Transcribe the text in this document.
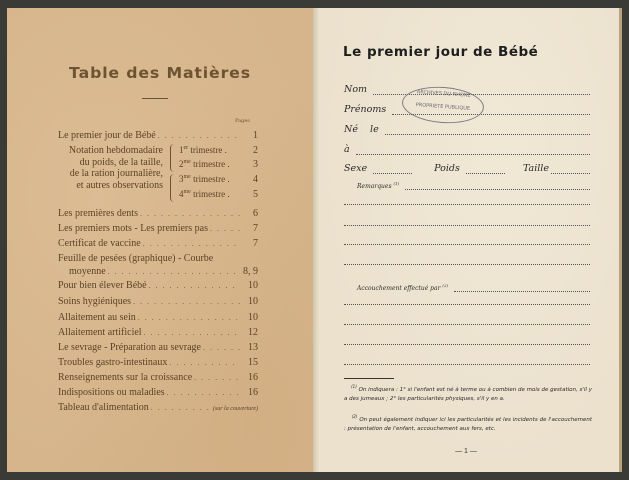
Table des Matières
Pages
Le premier jour de Bébé . . .	1
Notation hebdomadaire
du poids, de la taille,
de la ration journalière,
et autres observations
1er trimestre .	2
$2^{me}$ trimestre .	3
$3^{me}$ trimestre .	4
$4^{me}$ trimestre .	5
Les premières dents . . .	6
Les premiers mots - Les premiers pas . . .	7
Certificat de vaccine . . .	7
Feuille de pesées (graphique) - Courbe
moyenne . . .	8, 9
Pour bien élever Bébé . . .	10
Soins hygiéniques . . .	10
Allaitement au sein . . .	10
Allaitement artificiel . . .	12
Le sevrage - Préparation au sevrage . . .	13
Troubles gastro-intestinaux . . .	15
Renseignements sur la croissance . . .	16
Indispositions ou maladies . . .	16
Tableau d'alimentation . . .	(sur la couverture)
Le premier jour de Bébé
Nom
Prénoms
Né
le
à
Sexe	Poids	Taille
Remarques $^{(1)}$
Accouchement effectué par $^{(2)}$
— 1 —
ARCHIVES DU RHONE
PROPRIETE PUBLIQUE
$^{(1)}$ On indiquera : 1° si l'enfant est né à terme ou à combien de mois de gestation, s'il y a des jumeaux ; 2° les particularités physiques, s'il y en a.
$^{(2)}$ On peut également indiquer ici les particularités et les incidents de l'accouchement : présentation de l'enfant, accouchement aux fers, etc.
